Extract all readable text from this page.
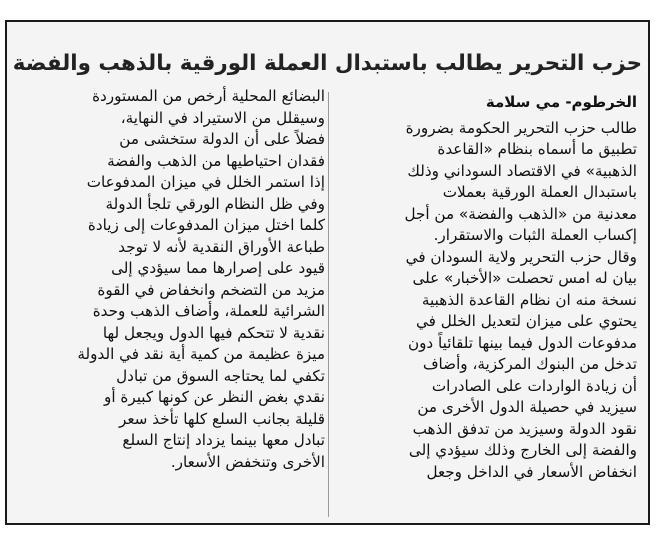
حزب التحرير يطالب باستبدال العملة الورقية بالذهب والفضة

الخرطوم- مي سلامة

طالب حزب التحرير الحكومة بضرورة

تطبيق ما أسماه بنظام «القاعدة

الذهبية» في الاقتصاد السوداني وذلك

باستبدال العملة الورقية بعملات

معدنية من «الذهب والفضة» من أجل

إكساب العملة الثبات والاستقرار.

وقال حزب التحرير ولاية السودان في

بيان له امس تحصلت «الأخبار» على

نسخة منه ان نظام القاعدة الذهبية

يحتوي على ميزان لتعديل الخلل في

مدفوعات الدول فيما بينها تلقائياً دون

تدخل من البنوك المركزية، وأضاف

أن زيادة الواردات على الصادرات

سيزيد في حصيلة الدول الأخرى من

نقود الدولة وسيزيد من تدفق الذهب

والفضة إلى الخارج وذلك سيؤدي إلى

انخفاض الأسعار في الداخل وجعل

البضائع المحلية أرخص من المستوردة

وسيقلل من الاستيراد في النهاية،

فضلاً على أن الدولة ستخشى من

فقدان احتياطيها من الذهب والفضة

إذا استمر الخلل في ميزان المدفوعات

وفي ظل النظام الورقي تلجأ الدولة

كلما اختل ميزان المدفوعات إلى زيادة

طباعة الأوراق النقدية لأنه لا توجد

قيود على إصرارها مما سيؤدي إلى

مزيد من التضخم وانخفاض في القوة

الشرائية للعملة، وأضاف الذهب وحدة

نقدية لا تتحكم فيها الدول ويجعل لها

ميزة عظيمة من كمية أية نقد في الدولة

تكفي لما يحتاجه السوق من تبادل

نقدي بغض النظر عن كونها كبيرة أو

قليلة بجانب السلع كلها تأخذ سعر

تبادل معها بينما يزداد إنتاج السلع

الأخرى وتنخفض الأسعار.
